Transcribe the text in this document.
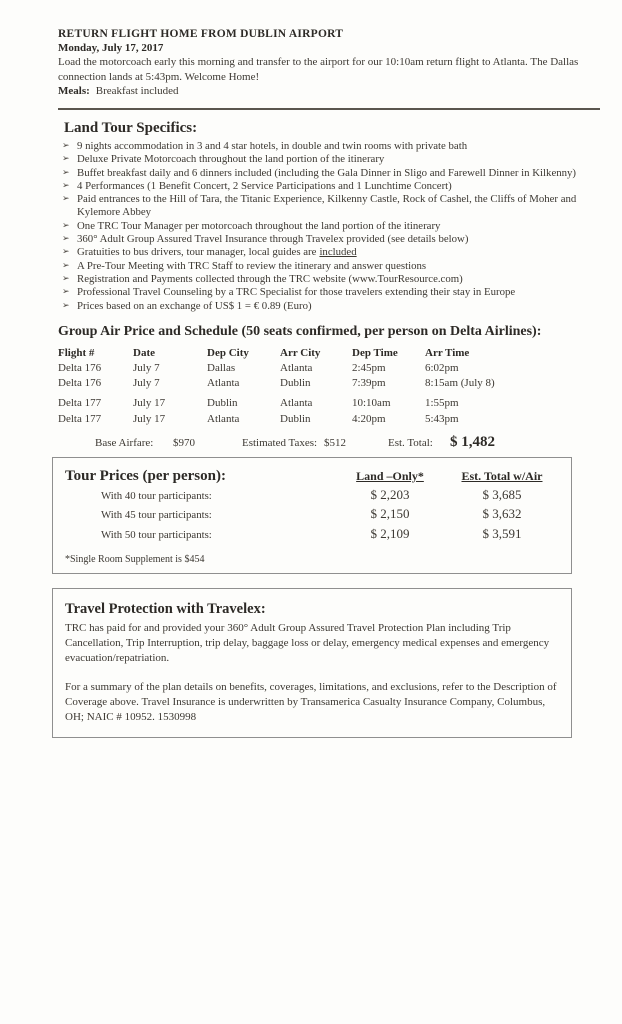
RETURN FLIGHT HOME FROM DUBLIN AIRPORT
Monday, July 17, 2017

Load the motorcoach early this morning and transfer to the airport for our 10:10am return flight to Atlanta. The Dallas connection lands at 5:43pm. Welcome Home!

Meals: Breakfast included
Land Tour Specifics:
➢ 9 nights accommodation in 3 and 4 star hotels, in double and twin rooms with private bath
➢ Deluxe Private Motorcoach throughout the land portion of the itinerary
➢ Buffet breakfast daily and 6 dinners included (including the Gala Dinner in Sligo and Farewell Dinner in Kilkenny)
➢ 4 Performances (1 Benefit Concert, 2 Service Participations and 1 Lunchtime Concert)
➢ Paid entrances to the Hill of Tara, the Titanic Experience, Kilkenny Castle, Rock of Cashel, the Cliffs of Moher and Kylemore Abbey
➢ One TRC Tour Manager per motorcoach throughout the land portion of the itinerary
➢ 360° Adult Group Assured Travel Insurance through Travelex provided (see details below)
➢ Gratuities to bus drivers, tour manager, local guides are included
➢ A Pre-Tour Meeting with TRC Staff to review the itinerary and answer questions
➢ Registration and Payments collected through the TRC website (www.TourResource.com)
➢ Professional Travel Counseling by a TRC Specialist for those travelers extending their stay in Europe
➢ Prices based on an exchange of US$ 1 = € 0.89 (Euro)
Group Air Price and Schedule (50 seats confirmed, per person on Delta Airlines):
Flight #	Date	Dep City	Arr City	Dep Time	Arr Time
Delta 176	July 7	Dallas	Atlanta	2:45pm	6:02pm
Delta 176	July 7	Atlanta	Dublin	7:39pm	8:15am (July 8)
Delta 177	July 17	Dublin	Atlanta	10:10am	1:55pm
Delta 177	July 17	Atlanta	Dublin	4:20pm	5:43pm
Base Airfare:	$970	Estimated Taxes: $512	Est. Total:	$ 1,482
Tour Prices (per person):	Land –Only*	Est. Total w/Air
With 40 tour participants:	$ 2,203	$ 3,685
With 45 tour participants:	$ 2,150	$ 3,632
With 50 tour participants:	$ 2,109	$ 3,591
*Single Room Supplement is $454
Travel Protection with Travelex:

TRC has paid for and provided your 360° Adult Group Assured Travel Protection Plan including Trip Cancellation, Trip Interruption, trip delay, baggage loss or delay, emergency medical expenses and emergency evacuation/repatriation.

For a summary of the plan details on benefits, coverages, limitations, and exclusions, refer to the Description of Coverage above. Travel Insurance is underwritten by Transamerica Casualty Insurance Company, Columbus, OH; NAIC # 10952. 1530998
